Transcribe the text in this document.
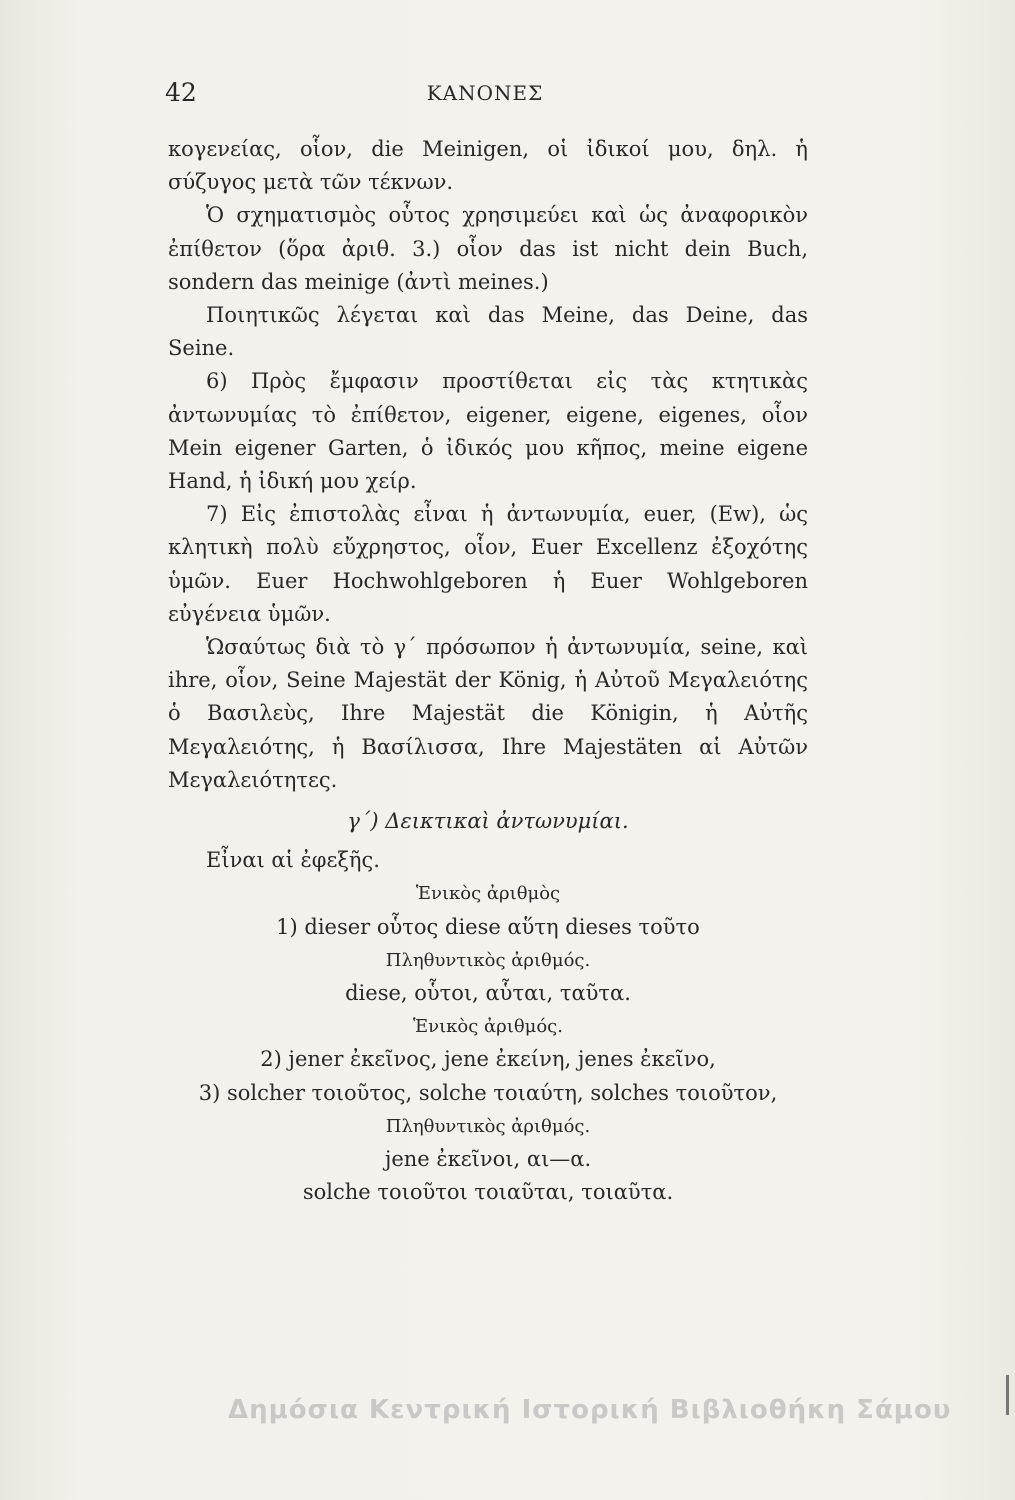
42	ΚΑΝΟΝΕΣ

κογενείας, οἷον, die Meinigen, οἱ ἰδικοί μου, δηλ. ἡ σύζυγος μετὰ τῶν τέκνων.

Ὁ σχηματισμὸς οὗτος χρησιμεύει καὶ ὡς ἀναφορικὸν ἐπίθετον (ὅρα ἀριθ. 3.) οἷον das ist nicht dein Buch, sondern das meinige (ἀντὶ meines.)

Ποιητικῶς λέγεται καὶ das Meine, das Deine, das Seine.

6) Πρὸς ἔμφασιν προστίθεται εἰς τὰς κτητικὰς ἀντωνυμίας τὸ ἐπίθετον, eigener, eigene, eigenes, οἷον Mein eigener Garten, ὁ ἰδικός μου κῆπος, meine eigene Hand, ἡ ἰδική μου χείρ.

7) Εἰς ἐπιστολὰς εἶναι ἡ ἀντωνυμία, euer, (Ew), ὡς κλητικὴ πολὺ εὔχρηστος, οἷον, Euer Excellenz ἐξοχότης ὑμῶν. Euer Hochwohlgeboren ἡ Euer Wohlgeboren εὐγένεια ὑμῶν.

Ὡσαύτως διὰ τὸ γ΄ πρόσωπον ἡ ἀντωνυμία, seine, καὶ ihre, οἷον, Seine Majestät der König, ἡ Αὐτοῦ Μεγαλειότης ὁ Βασιλεὺς, Ihre Majestät die Königin, ἡ Αὐτῆς Μεγαλειότης, ἡ Βασίλισσα, Ihre Majestäten αἱ Αὐτῶν Μεγαλειότητες.

γ΄) Δεικτικαὶ ἀντωνυμίαι.

Εἶναι αἱ ἐφεξῆς.

Ἑνικὸς ἀριθμὸς

1) dieser οὗτος diese αὕτη dieses τοῦτο

Πληθυντικὸς ἀριθμός.

diese, οὗτοι, αὗται, ταῦτα.

Ἑνικὸς ἀριθμός.

2) jener ἐκεῖνος, jene ἐκείνη, jenes ἐκεῖνο,

3) solcher τοιοῦτος, solche τοιαύτη, solches τοιοῦτον,

Πληθυντικὸς ἀριθμός.

jene ἐκεῖνοι, αι—α.

solche τοιοῦτοι τοιαῦται, τοιαῦτα.

Δημόσια Κεντρική Ιστορική Βιβλιοθήκη Σάμου
